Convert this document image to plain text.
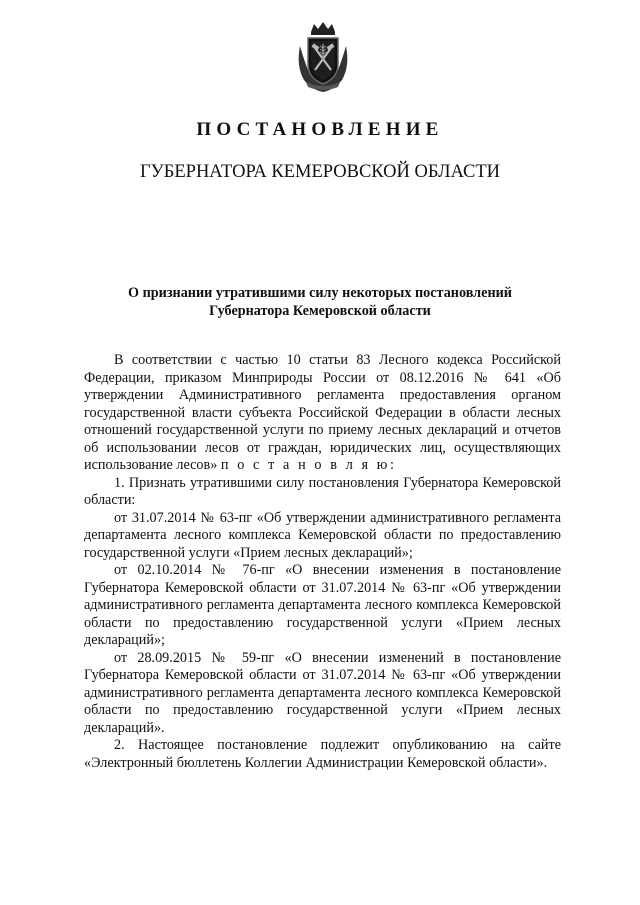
ПОСТАНОВЛЕНИЕ
ГУБЕРНАТОРА КЕМЕРОВСКОЙ ОБЛАСТИ
О признании утратившими силу некоторых постановлений
Губернатора Кемеровской области

В соответствии с частью 10 статьи 83 Лесного кодекса Российской Федерации, приказом Минприроды России от 08.12.2016 № 641 «Об утверждении Административного регламента предоставления органом государственной власти субъекта Российской Федерации в области лесных отношений государственной услуги по приему лесных деклараций и отчетов об использовании лесов от граждан, юридических лиц, осуществляющих использование лесов» п о с т а н о в л я ю:

1. Признать утратившими силу постановления Губернатора Кемеровской области:

от 31.07.2014 № 63-пг «Об утверждении административного регламента департамента лесного комплекса Кемеровской области по предоставлению государственной услуги «Прием лесных деклараций»;

от 02.10.2014 № 76-пг «О внесении изменения в постановление Губернатора Кемеровской области от 31.07.2014 № 63-пг «Об утверждении административного регламента департамента лесного комплекса Кемеровской области по предоставлению государственной услуги «Прием лесных деклараций»;

от 28.09.2015 № 59-пг «О внесении изменений в постановление Губернатора Кемеровской области от 31.07.2014 № 63-пг «Об утверждении административного регламента департамента лесного комплекса Кемеровской области по предоставлению государственной услуги «Прием лесных деклараций».

2. Настоящее постановление подлежит опубликованию на сайте «Электронный бюллетень Коллегии Администрации Кемеровской области».
